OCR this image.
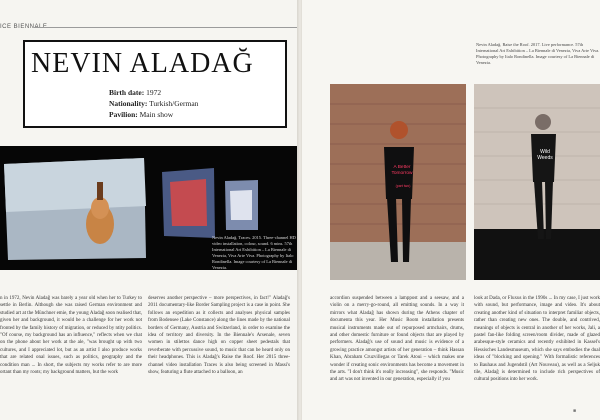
ICE BIENNALE
NEVIN ALADAĞ
Birth date: 1972
Nationality: Turkish/German
Pavilion: Main show
Nevin Aladağ. Traces. 2015. Three-channel HD video installation, colour, sound. 6 mins. 57th International Art Exhibition – La Biennale di Venezia, Viva Arte Viva. Photography by Italo Rondinella. Image courtesy of La Biennale di Venezia.

n in 1972, Nevin Aladağ was barely a year old when her to Turkey to settle in Berlin. Although she was raised German environment and studied art at the Münchner emie, the young Aladağ soon realised that, given her and background, it would be a challenge for her work not fronted by the family history of migration, or reduced by ntity politics. "Of course, my background has an influence," reflects when we chat on the phone about her work at the ale, "was brought up with two cultures, and I appreciated lot, but as an artist I also produce works that are related onal issues, such as politics, geography and the condition man ... In short, the subjects my works refer to are more ortant than my roots; my background matters, but the work

deserves another perspective – more perspectives, in fact!" Aladağ's 2011 documentary-like Border Sampling project is a case in point. She follows an expedition as it collects and analyses physical samples from Bodensee (Lake Constance) along the lines made by the national borders of Germany, Austria and Switzerland, in order to examine the idea of territory and diversity. In the Biennale's Arsenale, seven women in stilettos dance high on copper sheet pedestals that reverberate with percussive sound, to music that can be heard only on their headphones. This is Aladağ's Raise the Roof. Her 2015 three-channel video installation Traces is also being screened in Massi's show, featuring a flute attached to a balloon, an

Nevin Aladağ. Raise the Roof. 2017. Live performance. 57th International Art Exhibition – La Biennale di Venezia, Viva Arte Viva. Photography by Italo Rondinella. Image courtesy of La Biennale di Venezia.
A Better Tomorrow
(part two)
Wild Weeds

accordion suspended between a lamppost and a seesaw, and a violin on a merry-go-round, all emitting sounds. In a way it mirrors what Aladağ has shown during the Athens chapter of documenta this year. Her Music Room installation presents musical instruments made out of repurposed armchairs, drums, and other domestic furniture or found objects that are played by performers. Aladağ's use of sound and music is evidence of a growing practice amongst artists of her generation – think Hassan Khan, Abraham Cruzvillegas or Tarek Atoui – which makes one wonder if creating sonic environments has become a movement in the arts. "I don't think it's really increasing", she responds. "Music and art was not invented in our generation, especially if you

look at Dada, or Fluxus in the 1990s ... In my case, I just work with sound, but performance, image and video. It's about creating another kind of situation to interpret familiar objects, rather than creating new ones. The double, and contrived, meanings of objects is central in another of her works, Jali, a pastel fan-like folding screen/room divider, made of glazed arabesque-style ceramics and recently exhibited in Kassel's Hessisches Landesmuseum, which she says embodies the dual ideas of "blocking and opening." With formalistic references to Bauhaus and Jugendstil (Art Nouveau), as well as a Seljuk tile, Aladağ is determined to include rich perspectives of cultural positions into her work.

■
